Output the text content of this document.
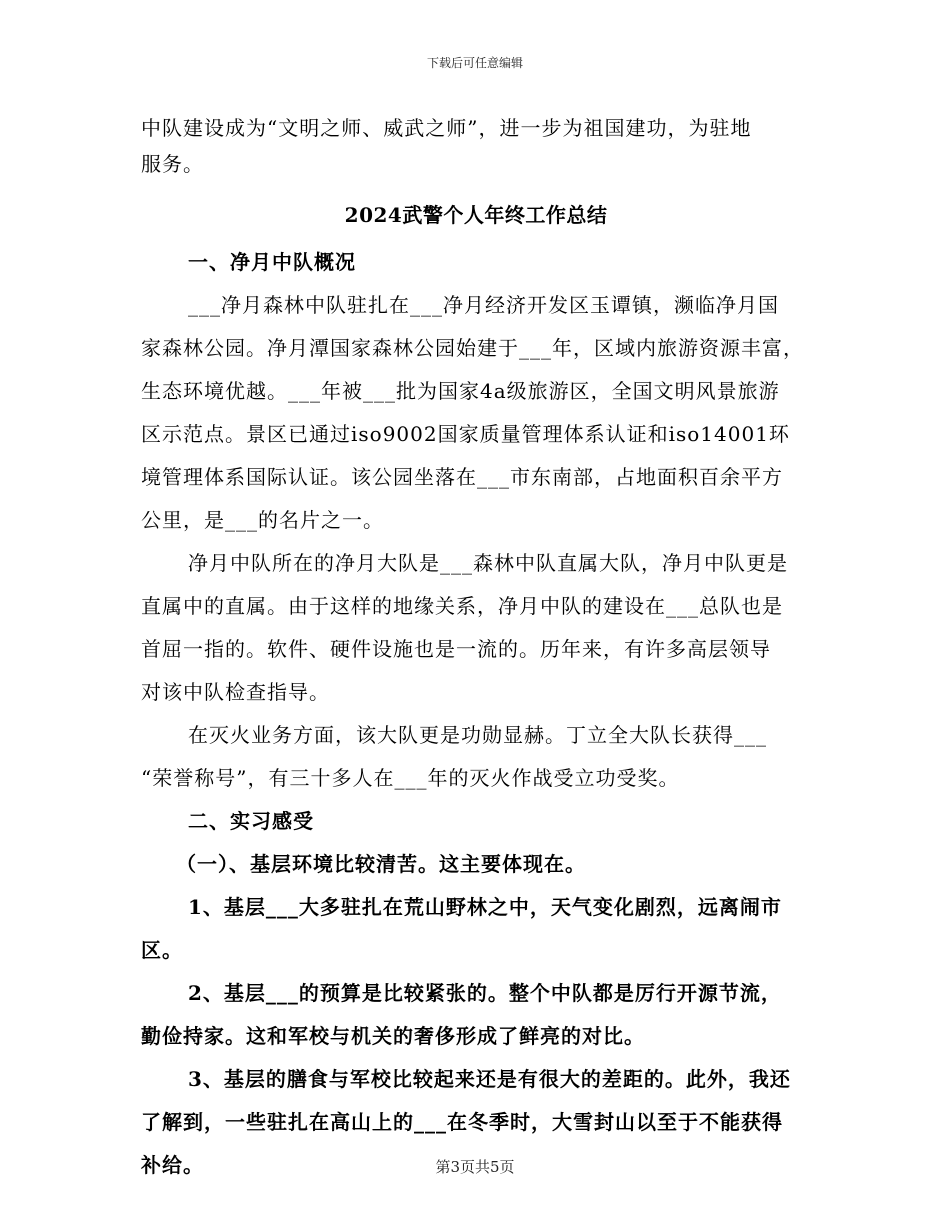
下载后可任意编辑
中队建设成为“文明之师、威武之师”，进一步为祖国建功，为驻地
服务。
2024武警个人年终工作总结
一、净月中队概况
___净月森林中队驻扎在___净月经济开发区玉谭镇，濒临净月国
家森林公园。净月潭国家森林公园始建于___年，区域内旅游资源丰富，
生态环境优越。___年被___批为国家4a级旅游区，全国文明风景旅游
区示范点。景区已通过iso9002国家质量管理体系认证和iso14001环
境管理体系国际认证。该公园坐落在___市东南部，占地面积百余平方
公里，是___的名片之一。
净月中队所在的净月大队是___森林中队直属大队，净月中队更是
直属中的直属。由于这样的地缘关系，净月中队的建设在___总队也是
首屈一指的。软件、硬件设施也是一流的。历年来，有许多高层领导
对该中队检查指导。
在灭火业务方面，该大队更是功勋显赫。丁立全大队长获得___
“荣誉称号”，有三十多人在___年的灭火作战受立功受奖。
二、实习感受
（一）、基层环境比较清苦。这主要体现在。
1、基层___大多驻扎在荒山野林之中，天气变化剧烈，远离闹市
区。
2、基层___的预算是比较紧张的。整个中队都是厉行开源节流，
勤俭持家。这和军校与机关的奢侈形成了鲜亮的对比。
3、基层的膳食与军校比较起来还是有很大的差距的。此外，我还
了解到，一些驻扎在高山上的___在冬季时，大雪封山以至于不能获得
补给。	第3页共5页
